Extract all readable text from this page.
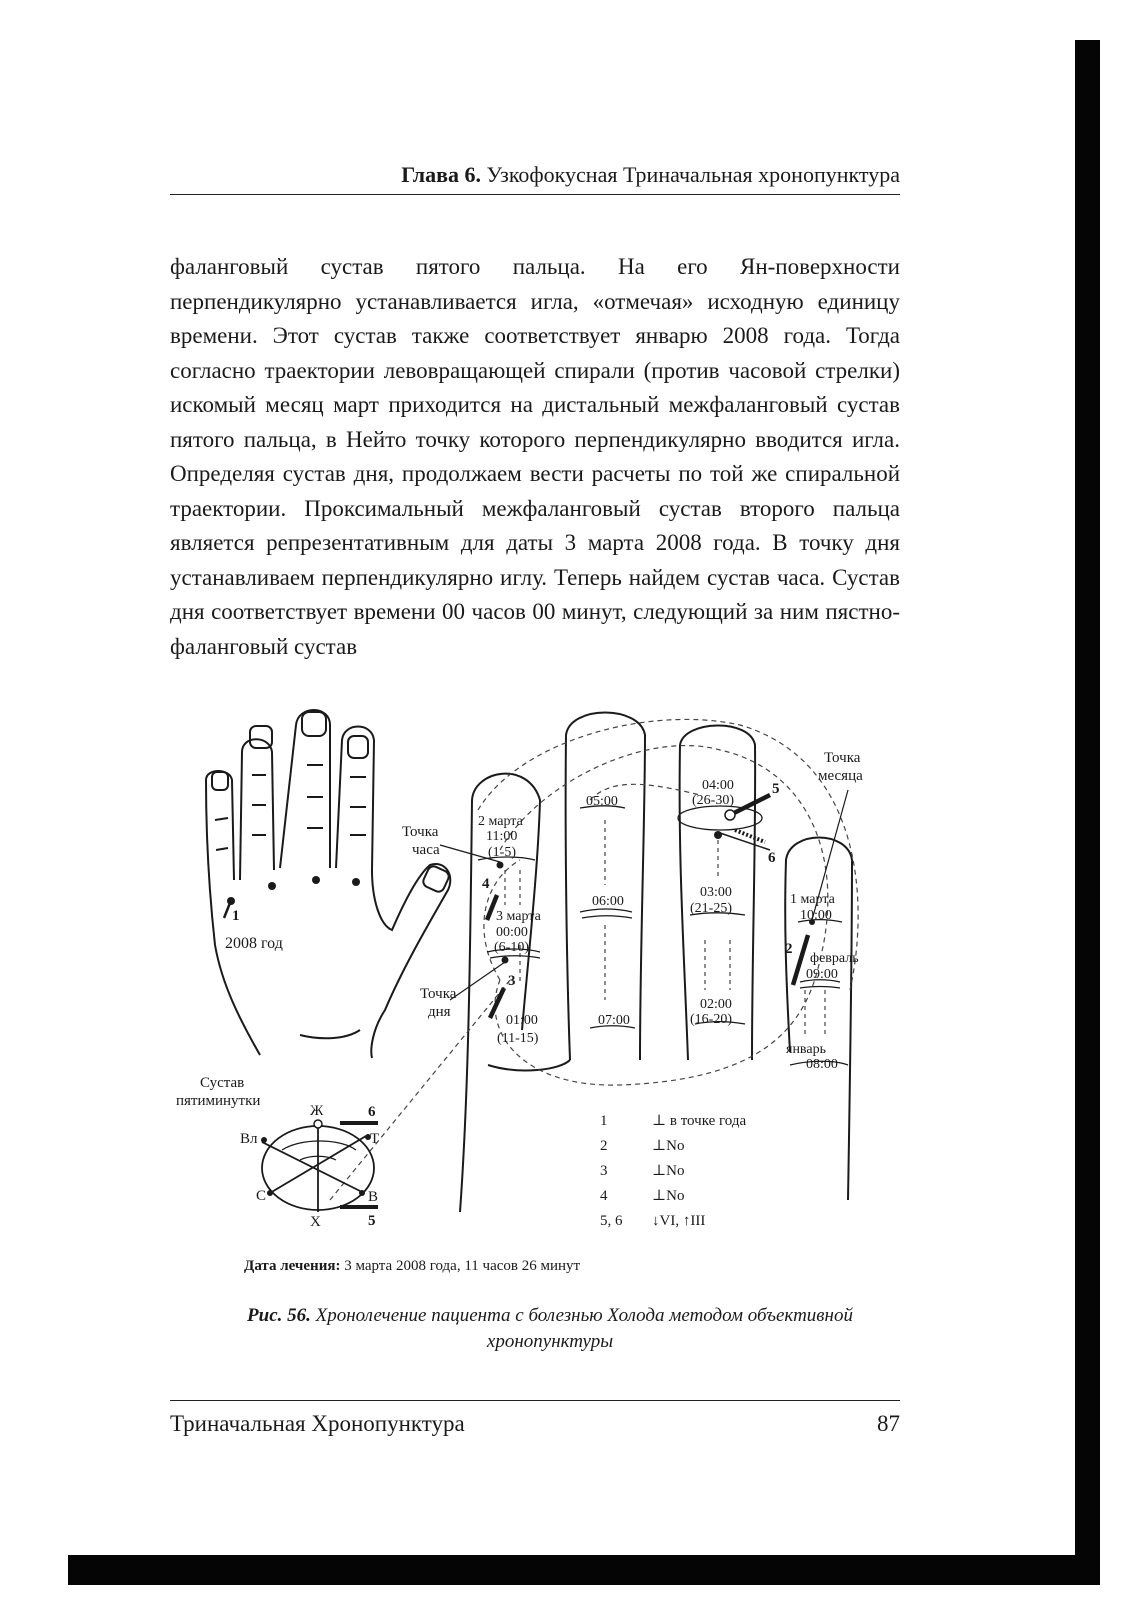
Глава 6. Узкофокусная Триначальная хронопунктура

фаланговый сустав пятого пальца. На его Ян-поверхности перпендикулярно устанавливается игла, «отмечая» исходную единицу времени. Этот сустав также соответствует январю 2008 года. Тогда согласно траектории левовращающей спирали (против часовой стрелки) искомый месяц март приходится на дистальный межфаланговый сустав пятого пальца, в Нейто точку которого перпендикулярно вводится игла. Определяя сустав дня, продолжаем вести расчеты по той же спиральной траектории. Проксимальный межфаланговый сустав второго пальца является репрезентативным для даты 3 марта 2008 года. В точку дня устанавливаем перпендикулярно иглу. Теперь найдем сустав часа. Сустав дня соответствует времени 00 часов 00 минут, следующий за ним пястно-фаланговый сустав

1
2008 год
Точка
часа
Точка
дня
Точка
месяца
2 марта
11:00
(1-5)
4
3 марта
00:00
(6-10)
3
01:00
(11-15)
05:00
06:00
07:00
04:00
(26-30)
5
6
03:00
(21-25)
02:00
(16-20)
1 марта
10:00
2
февраль
09:00
январь
08:00
Сустав
пятиминутки
Ж
Т
Вл
С	В
Х
6
5
1	⊥ в точке года
2	⊥No
3	⊥No
4	⊥No
5, 6 ↓VI, ↑III
Дата лечения: 3 марта 2008 года, 11 часов 26 минут
Рис. 56. Хронолечение пациента с болезнью Холода методом объективной хронопунктуры
Триначальная Хронопунктура	87
